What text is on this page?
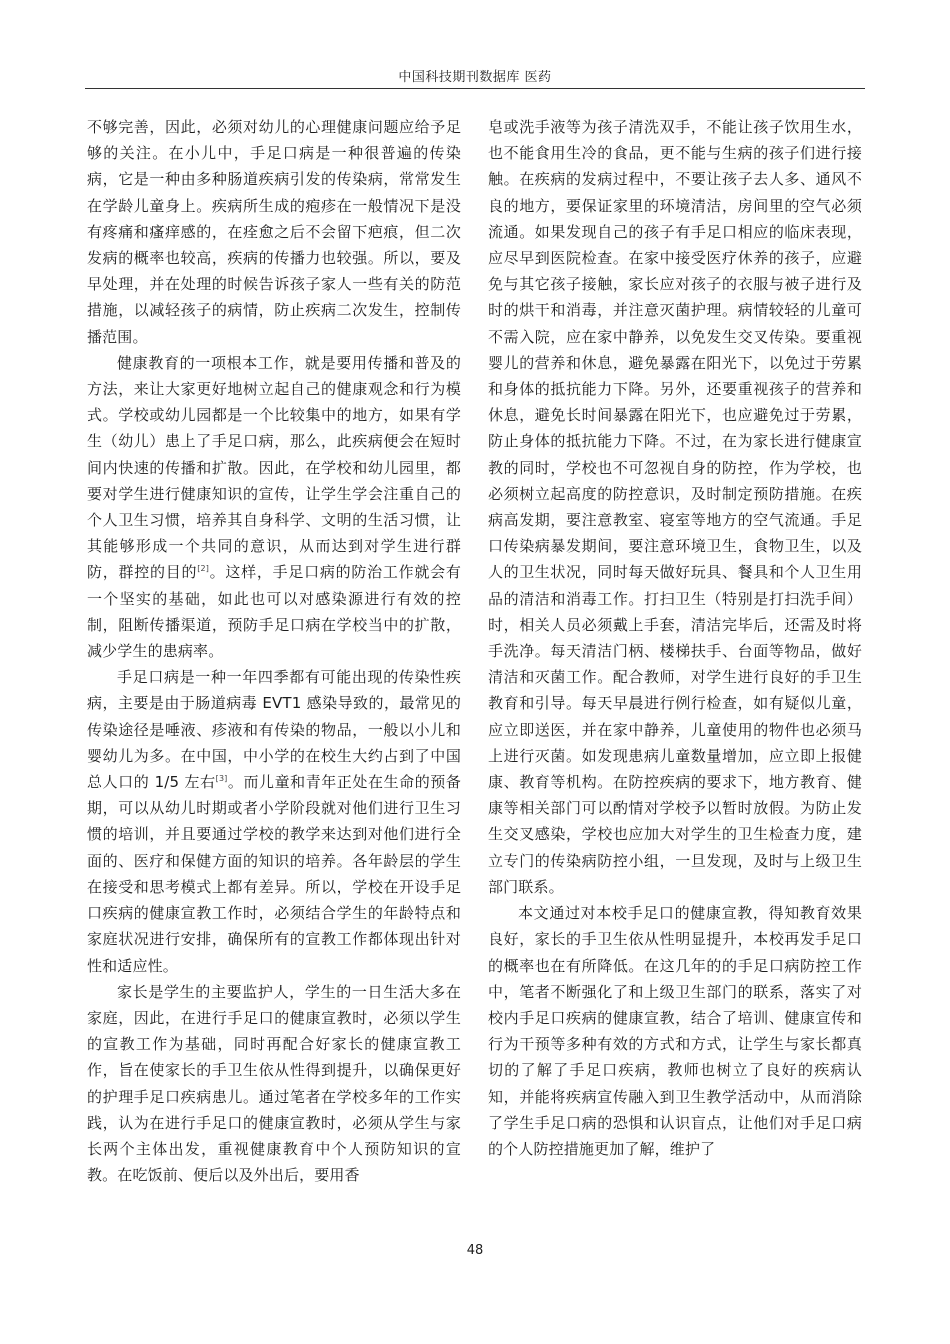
中国科技期刊数据库 医药

不够完善，因此，必须对幼儿的心理健康问题应给予足够的关注。在小儿中，手足口病是一种很普遍的传染病，它是一种由多种肠道疾病引发的传染病，常常发生在学龄儿童身上。疾病所生成的疱疹在一般情况下是没有疼痛和瘙痒感的，在痊愈之后不会留下疤痕，但二次发病的概率也较高，疾病的传播力也较强。所以，要及早处理，并在处理的时候告诉孩子家人一些有关的防范措施，以减轻孩子的病情，防止疾病二次发生，控制传播范围。

健康教育的一项根本工作，就是要用传播和普及的方法，来让大家更好地树立起自己的健康观念和行为模式。学校或幼儿园都是一个比较集中的地方，如果有学生（幼儿）患上了手足口病，那么，此疾病便会在短时间内快速的传播和扩散。因此，在学校和幼儿园里，都要对学生进行健康知识的宣传，让学生学会注重自己的个人卫生习惯，培养其自身科学、文明的生活习惯，让其能够形成一个共同的意识，从而达到对学生进行群防，群控的目的[2]。这样，手足口病的防治工作就会有一个坚实的基础，如此也可以对感染源进行有效的控制，阻断传播渠道，预防手足口病在学校当中的扩散，减少学生的患病率。

手足口病是一种一年四季都有可能出现的传染性疾病，主要是由于肠道病毒 EVT1 感染导致的，最常见的传染途径是唾液、疹液和有传染的物品，一般以小儿和婴幼儿为多。在中国，中小学的在校生大约占到了中国总人口的 1/5 左右[3]。而儿童和青年正处在生命的预备期，可以从幼儿时期或者小学阶段就对他们进行卫生习惯的培训，并且要通过学校的教学来达到对他们进行全面的、医疗和保健方面的知识的培养。各年龄层的学生在接受和思考模式上都有差异。所以，学校在开设手足口疾病的健康宣教工作时，必须结合学生的年龄特点和家庭状况进行安排，确保所有的宣教工作都体现出针对性和适应性。

家长是学生的主要监护人，学生的一日生活大多在家庭，因此，在进行手足口的健康宣教时，必须以学生的宣教工作为基础，同时再配合好家长的健康宣教工作，旨在使家长的手卫生依从性得到提升，以确保更好的护理手足口疾病患儿。通过笔者在学校多年的工作实践，认为在进行手足口的健康宣教时，必须从学生与家长两个主体出发，重视健康教育中个人预防知识的宣教。在吃饭前、便后以及外出后，要用香

皂或洗手液等为孩子清洗双手，不能让孩子饮用生水，也不能食用生冷的食品，更不能与生病的孩子们进行接触。在疾病的发病过程中，不要让孩子去人多、通风不良的地方，要保证家里的环境清洁，房间里的空气必须流通。如果发现自己的孩子有手足口相应的临床表现，应尽早到医院检查。在家中接受医疗休养的孩子，应避免与其它孩子接触，家长应对孩子的衣服与被子进行及时的烘干和消毒，并注意灭菌护理。病情较轻的儿童可不需入院，应在家中静养，以免发生交叉传染。要重视婴儿的营养和休息，避免暴露在阳光下，以免过于劳累和身体的抵抗能力下降。另外，还要重视孩子的营养和休息，避免长时间暴露在阳光下，也应避免过于劳累，防止身体的抵抗能力下降。不过，在为家长进行健康宣教的同时，学校也不可忽视自身的防控，作为学校，也必须树立起高度的防控意识，及时制定预防措施。在疾病高发期，要注意教室、寝室等地方的空气流通。手足口传染病暴发期间，要注意环境卫生，食物卫生，以及人的卫生状况，同时每天做好玩具、餐具和个人卫生用品的清洁和消毒工作。打扫卫生（特别是打扫洗手间）时，相关人员必须戴上手套，清洁完毕后，还需及时将手洗净。每天清洁门柄、楼梯扶手、台面等物品，做好清洁和灭菌工作。配合教师，对学生进行良好的手卫生教育和引导。每天早晨进行例行检查，如有疑似儿童，应立即送医，并在家中静养，儿童使用的物件也必须马上进行灭菌。如发现患病儿童数量增加，应立即上报健康、教育等机构。在防控疾病的要求下，地方教育、健康等相关部门可以酌情对学校予以暂时放假。为防止发生交叉感染，学校也应加大对学生的卫生检查力度，建立专门的传染病防控小组，一旦发现，及时与上级卫生部门联系。

本文通过对本校手足口的健康宣教，得知教育效果良好，家长的手卫生依从性明显提升，本校再发手足口的概率也在有所降低。在这几年的的手足口病防控工作中，笔者不断强化了和上级卫生部门的联系，落实了对校内手足口疾病的健康宣教，结合了培训、健康宣传和行为干预等多种有效的方式和方式，让学生与家长都真切的了解了手足口疾病，教师也树立了良好的疾病认知，并能将疾病宣传融入到卫生教学活动中，从而消除了学生手足口病的恐惧和认识盲点，让他们对手足口病的个人防控措施更加了解，维护了

48
